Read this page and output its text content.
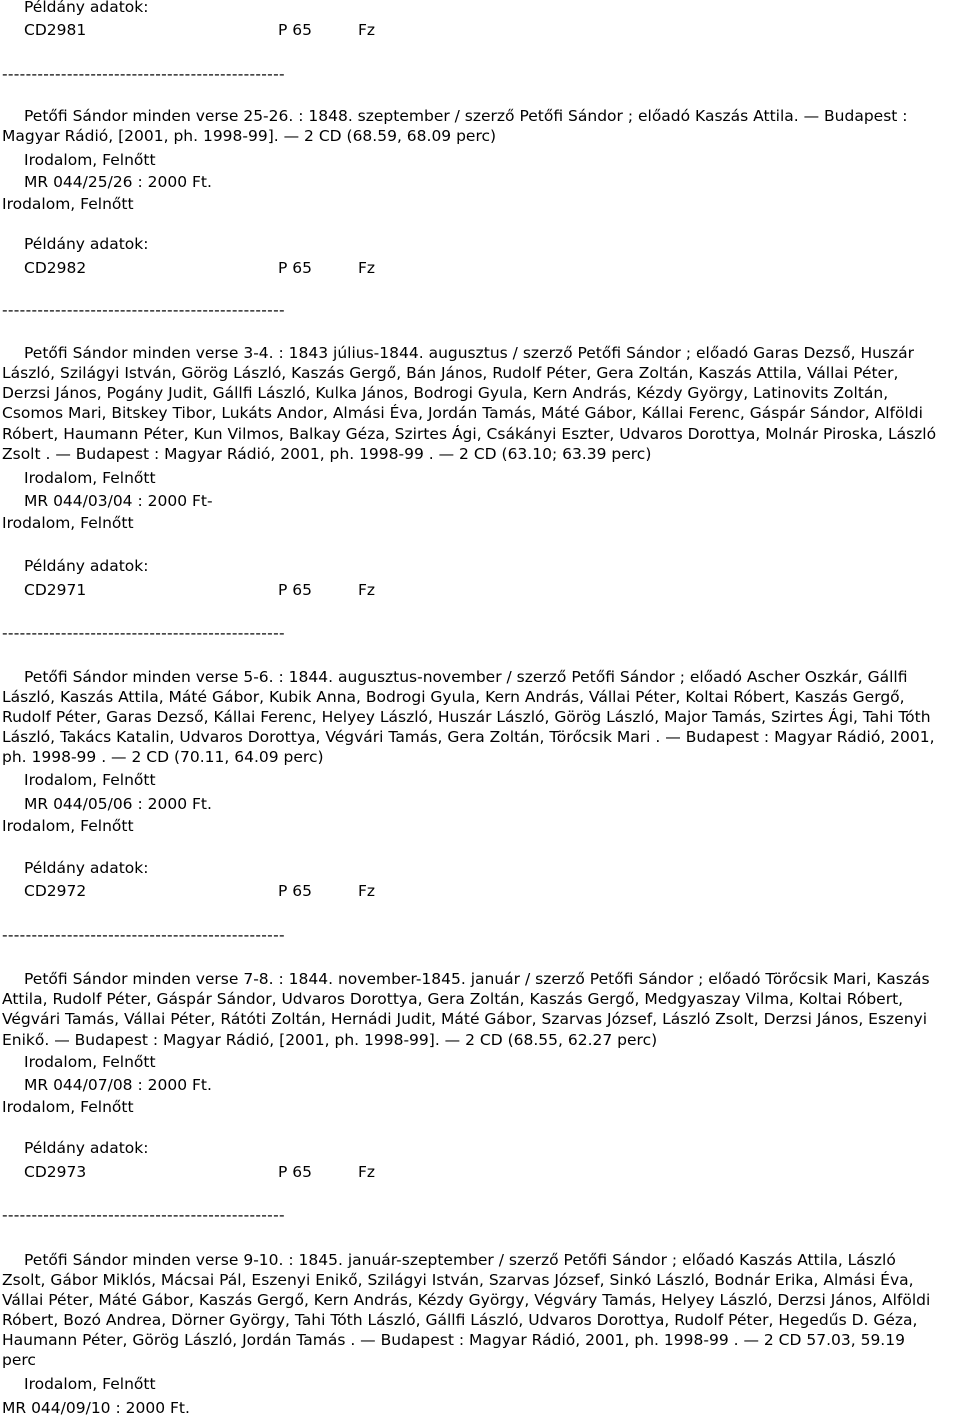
Példány adatok:
CD2981	P 65	Fz
------------------------------------------------
Petőfi Sándor minden verse 25-26. : 1848. szeptember / szerző Petőfi Sándor ; előadó Kaszás Attila. — Budapest :
Magyar Rádió, [2001, ph. 1998-99]. — 2 CD (68.59, 68.09 perc)
Irodalom, Felnőtt
MR 044/25/26 : 2000 Ft.
Irodalom, Felnőtt
Példány adatok:
CD2982	P 65	Fz
------------------------------------------------
Petőfi Sándor minden verse 3-4. : 1843 július-1844. augusztus / szerző Petőfi Sándor ; előadó Garas Dezső, Huszár
László, Szilágyi István, Görög László, Kaszás Gergő, Bán János, Rudolf Péter, Gera Zoltán, Kaszás Attila, Vállai Péter,
Derzsi János, Pogány Judit, Gállfi László, Kulka János, Bodrogi Gyula, Kern András, Kézdy György, Latinovits Zoltán,
Csomos Mari, Bitskey Tibor, Lukáts Andor, Almási Éva, Jordán Tamás, Máté Gábor, Kállai Ferenc, Gáspár Sándor, Alföldi
Róbert, Haumann Péter, Kun Vilmos, Balkay Géza, Szirtes Ági, Csákányi Eszter, Udvaros Dorottya, Molnár Piroska, László
Zsolt . — Budapest : Magyar Rádió, 2001, ph. 1998-99 . — 2 CD (63.10; 63.39 perc)
Irodalom, Felnőtt
MR 044/03/04 : 2000 Ft-
Irodalom, Felnőtt
Példány adatok:
CD2971	P 65	Fz
------------------------------------------------
Petőfi Sándor minden verse 5-6. : 1844. augusztus-november / szerző Petőfi Sándor ; előadó Ascher Oszkár, Gállfi
László, Kaszás Attila, Máté Gábor, Kubik Anna, Bodrogi Gyula, Kern András, Vállai Péter, Koltai Róbert, Kaszás Gergő,
Rudolf Péter, Garas Dezső, Kállai Ferenc, Helyey László, Huszár László, Görög László, Major Tamás, Szirtes Ági, Tahi Tóth
László, Takács Katalin, Udvaros Dorottya, Végvári Tamás, Gera Zoltán, Törőcsik Mari . — Budapest : Magyar Rádió, 2001,
ph. 1998-99 . — 2 CD (70.11, 64.09 perc)
Irodalom, Felnőtt
MR 044/05/06 : 2000 Ft.
Irodalom, Felnőtt
Példány adatok:
CD2972	P 65	Fz
------------------------------------------------
Petőfi Sándor minden verse 7-8. : 1844. november-1845. január / szerző Petőfi Sándor ; előadó Törőcsik Mari, Kaszás
Attila, Rudolf Péter, Gáspár Sándor, Udvaros Dorottya, Gera Zoltán, Kaszás Gergő, Medgyaszay Vilma, Koltai Róbert,
Végvári Tamás, Vállai Péter, Rátóti Zoltán, Hernádi Judit, Máté Gábor, Szarvas József, László Zsolt, Derzsi János, Eszenyi
Enikő. — Budapest : Magyar Rádió, [2001, ph. 1998-99]. — 2 CD (68.55, 62.27 perc)
Irodalom, Felnőtt
MR 044/07/08 : 2000 Ft.
Irodalom, Felnőtt
Példány adatok:
CD2973	P 65	Fz
------------------------------------------------
Petőfi Sándor minden verse 9-10. : 1845. január-szeptember / szerző Petőfi Sándor ; előadó Kaszás Attila, László
Zsolt, Gábor Miklós, Mácsai Pál, Eszenyi Enikő, Szilágyi István, Szarvas József, Sinkó László, Bodnár Erika, Almási Éva,
Vállai Péter, Máté Gábor, Kaszás Gergő, Kern András, Kézdy György, Végváry Tamás, Helyey László, Derzsi János, Alföldi
Róbert, Bozó Andrea, Dörner György, Tahi Tóth László, Gállfi László, Udvaros Dorottya, Rudolf Péter, Hegedűs D. Géza,
Haumann Péter, Görög László, Jordán Tamás . — Budapest : Magyar Rádió, 2001, ph. 1998-99 . — 2 CD 57.03, 59.19
perc
Irodalom, Felnőtt
MR 044/09/10 : 2000 Ft.
